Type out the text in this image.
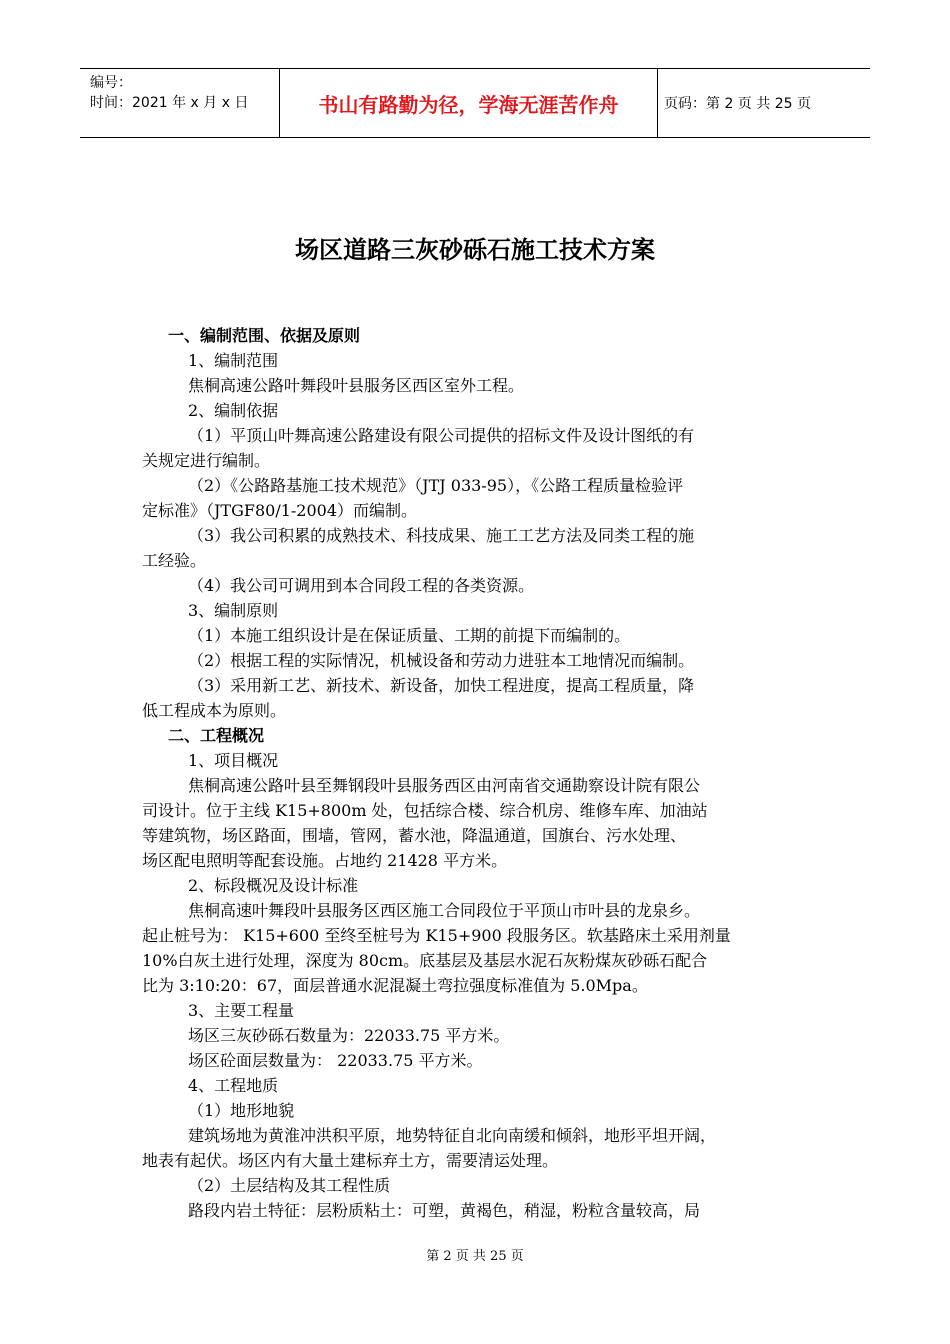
编号：
时间：2021 年 x 月 x 日	书山有路勤为径，学海无涯苦作舟	页码：第 2 页 共 25 页
场区道路三灰砂砾石施工技术方案

一、编制范围、依据及原则

1、编制范围

焦桐高速公路叶舞段叶县服务区西区室外工程。

2、编制依据

（1）平顶山叶舞高速公路建设有限公司提供的招标文件及设计图纸的有

关规定进行编制。

（2）《公路路基施工技术规范》（JTJ 033-95），《公路工程质量检验评

定标准》（JTGF80/1-2004）而编制。

（3）我公司积累的成熟技术、科技成果、施工工艺方法及同类工程的施

工经验。

（4）我公司可调用到本合同段工程的各类资源。

3、编制原则

（1）本施工组织设计是在保证质量、工期的前提下而编制的。

（2）根据工程的实际情况，机械设备和劳动力进驻本工地情况而编制。

（3）采用新工艺、新技术、新设备，加快工程进度，提高工程质量，降

低工程成本为原则。

二、工程概况

1、项目概况

焦桐高速公路叶县至舞钢段叶县服务西区由河南省交通勘察设计院有限公

司设计。位于主线 K15+800m 处，包括综合楼、综合机房、维修车库、加油站

等建筑物，场区路面，围墙，管网，蓄水池，降温通道，国旗台、污水处理、

场区配电照明等配套设施。占地约 21428 平方米。

2、标段概况及设计标准

焦桐高速叶舞段叶县服务区西区施工合同段位于平顶山市叶县的龙泉乡。

起止桩号为： K15+600 至终至桩号为 K15+900 段服务区。软基路床土采用剂量

10%白灰土进行处理，深度为 80cm。底基层及基层水泥石灰粉煤灰砂砾石配合

比为 3:10:20：67，面层普通水泥混凝土弯拉强度标准值为 5.0Mpa。

3、主要工程量

场区三灰砂砾石数量为：22033.75 平方米。

场区砼面层数量为： 22033.75 平方米。

4、工程地质

（1）地形地貌

建筑场地为黄淮冲洪积平原，地势特征自北向南缓和倾斜，地形平坦开阔，

地表有起伏。场区内有大量土建标弃土方，需要清运处理。

（2）土层结构及其工程性质

路段内岩土特征：层粉质粘土：可塑，黄褐色，稍湿，粉粒含量较高，局

第 2 页 共 25 页
